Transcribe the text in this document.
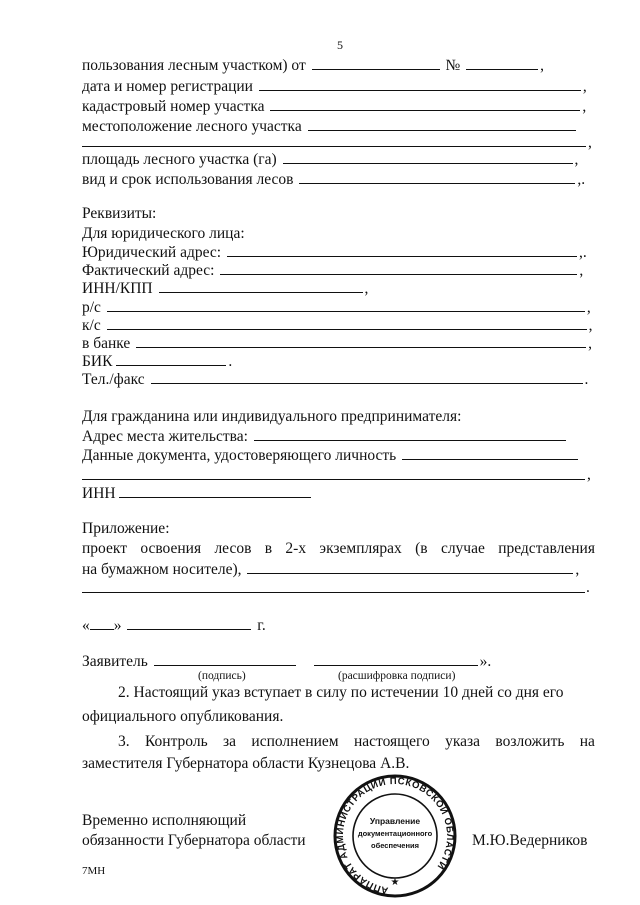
5
пользования лесным участком) от	№	,
дата и номер регистрации	,
кадастровый номер участка	,
местоположение лесного участка
,
площадь лесного участка (га)	,
вид и срок использования лесов	,.
Реквизиты:
Для юридического лица:
Юридический адрес:	,.
Фактический адрес:	,
ИНН/КПП	,
р/с	,
к/с	,
в банке	,
БИК	.
Тел./факс	.
Для гражданина или индивидуального предпринимателя:
Адрес места жительства:
Данные документа, удостоверяющего личность
,
ИНН
Приложение:
проект освоения лесов в 2-х экземплярах (в случае представления
на бумажном носителе),	,
.
« »	г.
Заявитель	».
(подпись)	(расшифровка подписи)
2. Настоящий указ вступает в силу по истечении 10 дней со дня его
официального опубликования.
3. Контроль за исполнением настоящего указа возложить на
заместителя Губернатора области Кузнецова А.В.
Временно исполняющий
обязанности Губернатора области	М.Ю.Ведерников
АППАРАТ АДМИНИСТРАЦИИ ПСКОВСКОЙ ОБЛАСТИ
Управление
документационного
обеспечения
★
7МН
